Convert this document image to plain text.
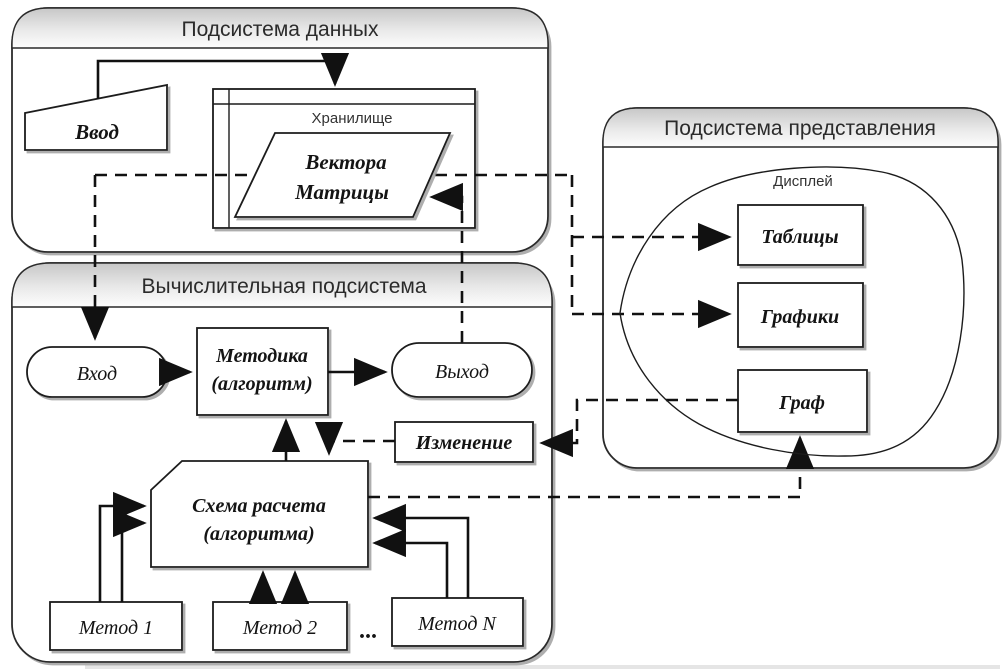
Подсистема данных
Вычислительная подсистема
Подсистема представления
Хранилище
Ввод
Вектора
Матрицы
Вход
Методика
(алгоритм)
Выход
Изменение
Схема расчета
(алгоритма)
Метод 1	Метод 2 ... Метод N
Дисплей
Таблицы
Графики
Граф
